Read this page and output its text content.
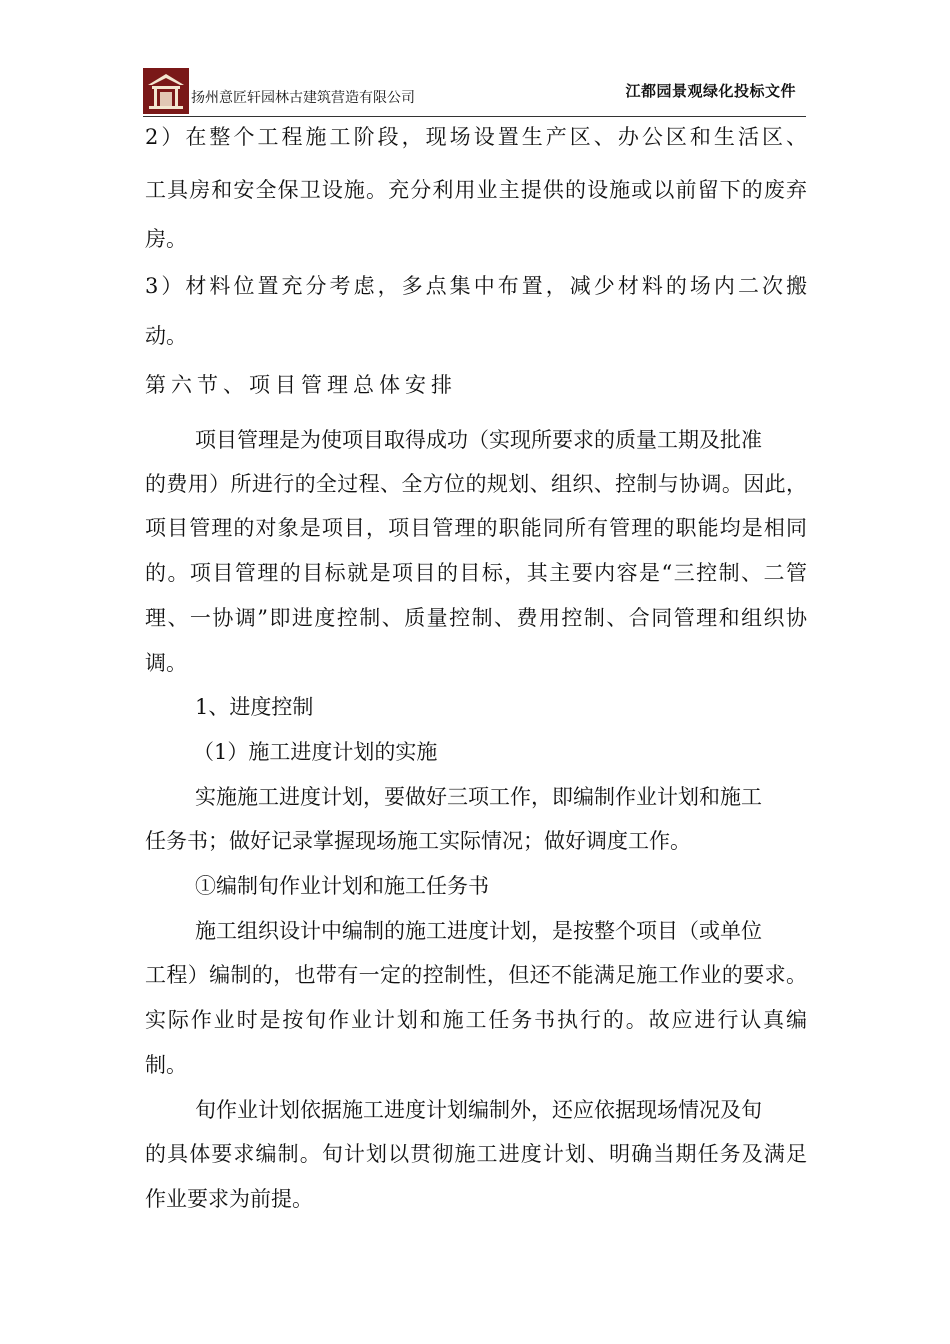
扬州意匠轩园林古建筑营造有限公司	江都园景观绿化投标文件
2）在整个工程施工阶段，现场设置生产区、办公区和生活区、
工具房和安全保卫设施。充分利用业主提供的设施或以前留下的废弃
房。
3）材料位置充分考虑，多点集中布置，减少材料的场内二次搬
动。
第六节、项目管理总体安排
项目管理是为使项目取得成功（实现所要求的质量工期及批准
的费用）所进行的全过程、全方位的规划、组织、控制与协调。因此，
项目管理的对象是项目，项目管理的职能同所有管理的职能均是相同
的。项目管理的目标就是项目的目标，其主要内容是“三控制、二管
理、一协调”即进度控制、质量控制、费用控制、合同管理和组织协
调。
1、进度控制
（1）施工进度计划的实施
实施施工进度计划，要做好三项工作，即编制作业计划和施工
任务书；做好记录掌握现场施工实际情况；做好调度工作。
①编制旬作业计划和施工任务书
施工组织设计中编制的施工进度计划，是按整个项目（或单位
工程）编制的，也带有一定的控制性，但还不能满足施工作业的要求。
实际作业时是按旬作业计划和施工任务书执行的。故应进行认真编
制。
旬作业计划依据施工进度计划编制外，还应依据现场情况及旬
的具体要求编制。旬计划以贯彻施工进度计划、明确当期任务及满足
作业要求为前提。
